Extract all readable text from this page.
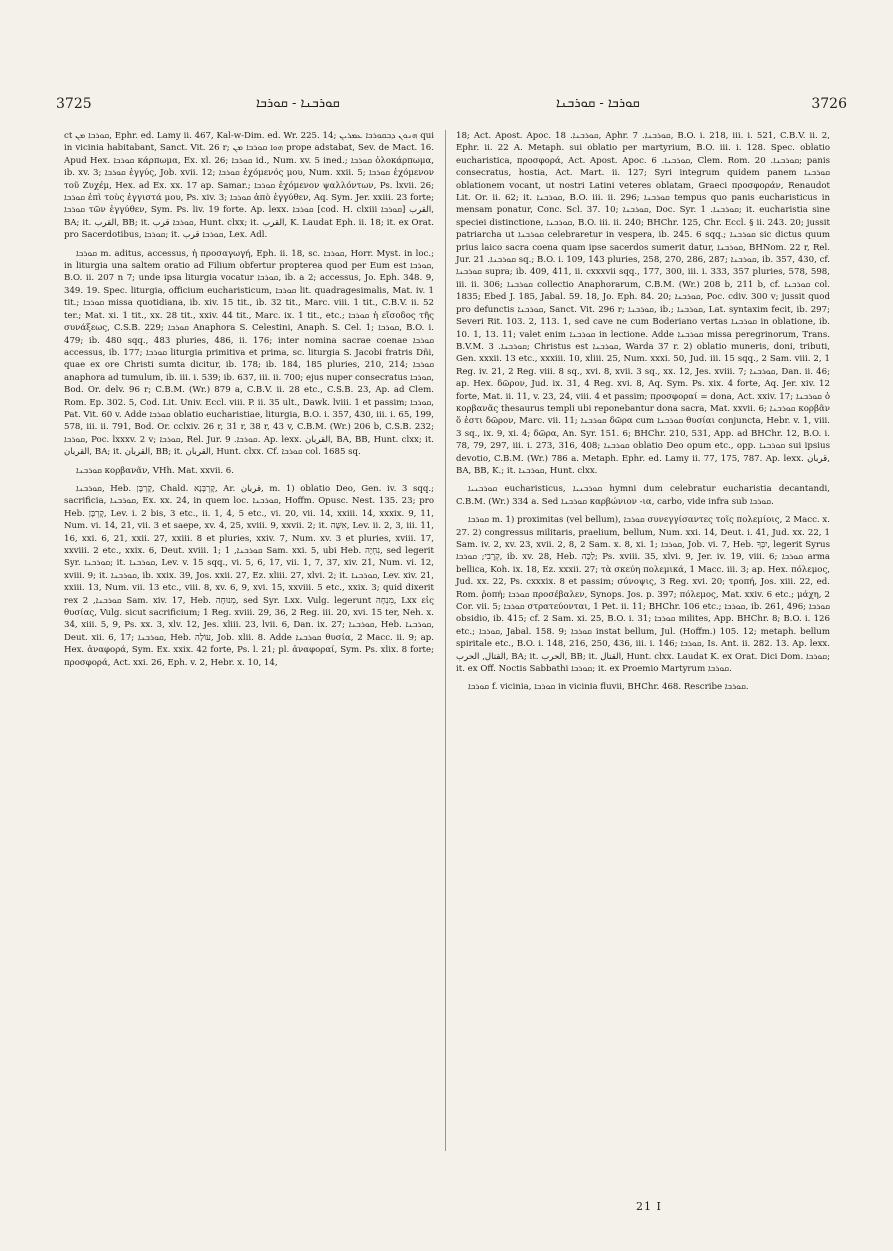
3725	ܩܘܪܒܢܐ - ܩܘܪܒܐ	ܩܘܪܒܐ - ܩܘܪܒܢܐ	3726

ct ܩܘܪܒܐ ܡܢ, Ephr. ed. Lamy ii. 467, Kal-w-Dim. ed. Wr. 225. 14; ܗܢܘܢ ܕܒܩܘܪܒܐ ܥܡܪܝܢ qui in vicinia habitabant, Sanct. Vit. 26 r; ܗܘܐ ܩܘܪܒܐ ܡܢ prope adstabat, Sev. de Mact. 16. Apud Hex. ܩܘܪܒܐ κάρπωμα, Ex. xl. 26; ܩܘܪܒܐ id., Num. xv. 5 ined.; ܩܘܪܒܐ ὁλοκάρπωμα, ib. xv. 3; ܩܘܪܒܐ ἐγγύς, Job. xvii. 12; ܩܘܪܒܐ ἐχόμενός μου, Num. xxii. 5; ܩܘܪܒܐ ἐχόμενον τοῦ Ζυχέμ, Hex. ad Ex. xx. 17 ap. Samar.; ܩܘܪܒܐ ἐχόμενον ψαλλόντων, Ps. lxvii. 26; ܩܘܪܒܐ ἐπὶ τοὺς ἐγγιστά μου, Ps. xiv. 3; ܩܘܪܒܐ ἀπὸ ἐγγύθεν, Aq. Sym. Jer. xxiii. 23 forte; ܩܘܪܒܐ τῶν ἐγγύθεν, Sym. Ps. liv. 19 forte. Ap. lexx. ܩܘܪܒܐ [cod. H. clxiii ܩܘܪܒܐ] القرب, BA; it. القرب, BB; it. ܩܘܪܒܐ قرب, Hunt. clxx; it. القرب, K. Laudat Eph. ii. 18; it. ex Orat. pro Sacerdotibus, ܩܘܪܒܐ; it. ܩܘܪܒܐ قرب, Lex. Adl.

ܩܘܪܒܐ m. aditus, accessus, ἡ προσαγωγή, Eph. ii. 18, sc. ܩܘܪܒܐ, Horr. Myst. in loc.; in liturgia una saltem oratio ad Filium obfertur propterea quod per Eum est ܩܘܪܒܐ, B.O. ii. 207 n 7; unde ipsa liturgia vocatur ܩܘܪܒܐ, ib. a 2; accessus, Jo. Eph. 348. 9, 349. 19. Spec. liturgia, officium eucharisticum, ܩܘܪܒܐ lit. quadragesimalis, Mat. iv. 1 tit.; ܩܘܪܒܐ missa quotidiana, ib. xiv. 15 tit., ib. 32 tit., Marc. viii. 1 tit., C.B.V. ii. 52 ter.; Mat. xi. 1 tit., xx. 28 tit., xxiv. 44 tit., Marc. ix. 1 tit., etc.; ܩܘܪܒܐ ἡ εἴσοδος τῆς συνάξεως, C.S.B. 229; ܩܘܪܒܐ Anaphora S. Celestini, Anaph. S. Cel. 1; ܩܘܪܒܐ, B.O. i. 479; ib. 480 sqq., 483 pluries, 486, ii. 176; inter nomina sacrae coenae ܩܘܪܒܐ accessus, ib. 177; ܩܘܪܒܐ liturgia primitiva et prima, sc. liturgia S. Jacobi fratris Dñi, quae ex ore Christi sumta dicitur, ib. 178; ib. 184, 185 pluries, 210, 214; ܩܘܪܒܐ anaphora ad tumulum, ib. iii. i. 539; ib. 637, iii. ii. 700; ejus nuper consecratus ܩܘܪܒܐ, Bod. Or. delv. 96 r; C.B.M. (Wr.) 879 a, C.B.V. ii. 28 etc., C.S.B. 23, Ap. ad Clem. Rom. Ep. 302. 5, Cod. Lit. Univ. Eccl. viii. P. ii. 35 ult., Dawk. lviii. 1 et passim; ܩܘܪܒܐ, Pat. Vit. 60 v. Adde ܩܘܪܒܐ oblatio eucharistiae, liturgia, B.O. i. 357, 430, iii. i. 65, 199, 578, iii. ii. 791, Bod. Or. cclxiv. 26 r, 31 r, 38 r, 43 v, C.B.M. (Wr.) 206 b, C.S.B. 232; ܩܘܪܒܐ, Poc. lxxxv. 2 v; ܩܘܪܒܐ, Rel. Jur. ܩܘܪܒܐ. 9. Ap. lexx. القربان, BA, BB, Hunt. clxx; it. القربان, BA; it. القربان, BB; it. القربان, Hunt. clxx. Cf. ܩܘܪܒܐ col. 1685 sq.

ܩܘܪܒܢܐ κορβανᾶν, VHh. Mat. xxvii. 6.

ܩܘܪܒܢܐ, Heb. קָרְבָּן, Chald. קָרְבָּנָא, Ar. قربان, m. 1) oblatio Deo, Gen. iv. 3 sqq.; sacrificia, ܩܘܪܒܢܐ, Ex. xx. 24, in quem loc. ܩܘܪܒܢܐ, Hoffm. Opusc. Nest. 135. 23; pro Heb. קָרְבָּן, Lev. i. 2 bis, 3 etc., ii. 1, 4, 5 etc., vi. 20, vii. 14, xxiii. 14, xxxix. 9, 11, Num. vi. 14, 21, vii. 3 et saepe, xv. 4, 25, xviii. 9, xxvii. 2; it. אִשֶּׁה, Lev. ii. 2, 3, iii. 11, 16, xxi. 6, 21, xxii. 27, xxiii. 8 et pluries, xxiv. 7, Num. xv. 3 et pluries, xviii. 17, xxviii. 2 etc., xxix. 6, Deut. xviii. 1; ܩܘܪܒܢܐ, 1 Sam. xxi. 5, ubi Heb. נִחְיָה, sed legerit Syr. ܩܘܪܒܢܐ; it. ܩܘܪܒܢܐ, Lev. v. 15 sqq., vi. 5, 6, 17, vii. 1, 7, 37, xiv. 21, Num. vi. 12, xviii. 9; it. ܩܘܪܒܢܐ, ib. xxix. 39, Jos. xxii. 27, Ez. xliii. 27, xlvi. 2; it. ܩܘܪܒܢܐ, Lev. xiv. 21, xxiii. 13, Num. vii. 13 etc., viii. 8, xv. 6, 9, xvi. 15, xxviii. 5 etc., xxix. 3; quid dixerit rex ܩܘܪܒܢܐ, 2 Sam. xiv. 17, Heb. מְנוּחָה, sed Syr. Lxx. Vulg. legerunt מִנְחָה, Lxx εἰς θυσίας, Vulg. sicut sacrificium; 1 Reg. xviii. 29, 36, 2 Reg. iii. 20, xvi. 15 ter, Neh. x. 34, xiii. 5, 9, Ps. xx. 3, xlv. 12, Jes. xliii. 23, lvii. 6, Dan. ix. 27; ܩܘܪܒܢܐ, Heb. ܩܘܪܒܢܐ, Deut. xii. 6, 17; ܩܘܪܒܢܐ, Heb. עוֹלָה, Job. xlii. 8. Adde ܩܘܪܒܢܐ θυσία, 2 Macc. ii. 9; ap. Hex. ἀναφορά, Sym. Ex. xxix. 42 forte, Ps. l. 21; pl. ἀναφοραί, Sym. Ps. xlix. 8 forte; προσφορά, Act. xxi. 26, Eph. v. 2, Hebr. x. 10, 14,

18; Act. Apost. Apoc. ܩܘܪܒܢܐ. 18, Aphr. ܩܘܪܒܢܐ. 7, B.O. i. 218, iii. i. 521, C.B.V. ii. 2, Ephr. ii. 22 A. Metaph. sui oblatio per martyrium, B.O. iii. i. 128. Spec. oblatio eucharistica, προσφορά, Act. Apost. Apoc. ܩܘܪܒܢܐ. 6, Clem. Rom. ܩܘܪܒܢܐ. 20; panis consecratus, hostia, Act. Mart. ii. 127; Syri integrum quidem panem ܩܘܪܒܢܐ oblationem vocant, ut nostri Latini veteres oblatam, Graeci προσφοράν, Renaudot Lit. Or. ii. 62; it. ܩܘܪܒܢܐ, B.O. iii. ii. 296; ܩܘܪܒܢܐ tempus quo panis eucharisticus in mensam ponatur, Conc. Scl. 37. 10; ܩܘܪܒܢܐ, Doc. Syr. ܩܘܪܒܢܐ. 1; it. eucharistia sine speciei distinctione, ܩܘܪܒܢܐ, B.O. iii. ii. 240; BHChr. 125, Chr. Eccl. § ii. 243. 20; jussit patriarcha ut ܩܘܪܒܢܐ celebraretur in vespera, ib. 245. 6 sqq.; ܩܘܪܒܢܐ sic dictus quum prius laico sacra coena quam ipse sacerdos sumerit datur, ܩܘܪܒܢܐ, BHNom. 22 r, Rel. Jur. ܩܘܪܒܢܐ. 21 sq.; B.O. i. 109, 143 pluries, 258, 270, 286, 287; ܩܘܪܒܢܐ, ib. 357, 430, cf. ܩܘܪܒܢܐ supra; ib. 409, 411, ii. cxxxvii sqq., 177, 300, iii. i. 333, 357 pluries, 578, 598, iii. ii. 306; ܩܘܪܒܢܐ collectio Anaphorarum, C.B.M. (Wr.) 208 b, 211 b, cf. ܩܘܪܒܢܐ col. 1835; Ebed J. 185, Jabal. 59. 18, Jo. Eph. 84. 20; ܩܘܪܒܢܐ, Poc. cdiv. 300 v; jussit quod pro defunctis ܩܘܪܒܢܐ, Sanct. Vit. 296 r; ܩܘܪܒܢܐ, ib.; ܩܘܪܒܢܐ, Lat. syntaxim fecit, ib. 297; Severi Rit. 103. 2, 113. 1, sed cave ne cum Boderiano vertas ܩܘܪܒܢܐ in oblatione, ib. 10. 1, 13. 11; valet enim ܩܘܪܒܢܐ in lectione. Adde ܩܘܪܒܢܐ missa peregrinorum, Trans. B.V.M. ܩܘܪܒܢܐ. 3; Christus est ܩܘܪܒܢܐ, Warda 37 r. 2) oblatio muneris, doni, tributi, Gen. xxxii. 13 etc., xxxiii. 10, xliii. 25, Num. xxxi. 50, Jud. iii. 15 sqq., 2 Sam. viii. 2, 1 Reg. iv. 21, 2 Reg. viii. 8 sq., xvi. 8, xvii. 3 sq., xx. 12, Jes. xviii. 7; ܩܘܪܒܢܐ, Dan. ii. 46; ap. Hex. δῶρον, Jud. ix. 31, 4 Reg. xvi. 8, Aq. Sym. Ps. xix. 4 forte, Aq. Jer. xiv. 12 forte, Mat. ii. 11, v. 23, 24, viii. 4 et passim; προσφοραί = dona, Act. xxiv. 17; ܩܘܪܒܢܐ ὁ κορβανᾶς thesaurus templi ubi reponebantur dona sacra, Mat. xxvii. 6; ܩܘܪܒܢܐ κορβᾶν ὅ ἐστι δῶρον, Marc. vii. 11; ܩܘܪܒܢܐ δῶρα cum ܩܘܪܒܢܐ θυσίαι conjuncta, Hebr. v. 1, viii. 3 sq., ix. 9, xi. 4; δῶρα, An. Syr. 151. 6; BHChr. 210, 531, App. ad BHChr. 12, B.O. i. 78, 79, 297, iii. i. 273, 316, 408; ܩܘܪܒܢܐ oblatio Deo opum etc., opp. ܩܘܪܒܢܐ sui ipsius devotio, C.B.M. (Wr.) 786 a. Metaph. Ephr. ed. Lamy ii. 77, 175, 787. Ap. lexx. قربان, BA, BB, K.; it. ܩܘܪܒܢܐ, Hunt. clxx.

ܩܘܪܒܢܝܐ eucharisticus, ܩܘܪܒܢܝܐ hymni dum celebratur eucharistia decantandi, C.B.M. (Wr.) 334 a. Sed ܩܘܪܒܢܐ καρβώνιον -ια, carbo, vide infra sub ܩܘܪܒܐ.

ܩܘܪܒܐ m. 1) proximitas (vel bellum), ܩܘܪܒܐ συνεγγίσαντες τοῖς πολεμίοις, 2 Macc. x. 27. 2) congressus militaris, praelium, bellum, Num. xxi. 14, Deut. i. 41, Jud. xx. 22, 1 Sam. iv. 2, xv. 23, xvii. 2, 8, 2 Sam. x. 8, xi. 1; ܩܘܪܒܐ, Job. vi. 7, Heb. יִבְּךָ, legerit Syrus קְרָבִי; ܩܘܪܒܐ, ib. xv. 28, Heb. לַכָּה; Ps. xviii. 35, xlvi. 9, Jer. iv. 19, viii. 6; ܩܘܪܒܐ arma bellica, Koh. ix. 18, Ez. xxxii. 27; τὰ σκεύη πολεμικά, 1 Macc. iii. 3; ap. Hex. πόλεμος, Jud. xx. 22, Ps. cxxxix. 8 et passim; σύνοψις, 3 Reg. xvi. 20; τροπή, Jos. xiii. 22, ed. Rom. ῥοπή; ܩܘܪܒܐ προσέβαλεν, Synops. Jos. p. 397; πόλεμος, Mat. xxiv. 6 etc.; μάχη, 2 Cor. vii. 5; ܩܘܪܒܐ στρατεύονται, 1 Pet. ii. 11; BHChr. 106 etc.; ܩܘܪܒܐ, ib. 261, 496; ܩܘܪܒܐ obsidio, ib. 415; cf. 2 Sam. xi. 25, B.O. i. 31; ܩܘܪܒܐ milites, App. BHChr. 8; B.O. i. 126 etc.; ܩܘܪܒܐ, Jabal. 158. 9; ܩܘܪܒܐ instat bellum, Jul. (Hoffm.) 105. 12; metaph. bellum spiritale etc., B.O. i. 148, 216, 250, 436, iii. i. 146; ܩܘܪܒܐ, Is. Ant. ii. 282. 13. Ap. lexx. القتال, الحرب, BA; it. الحرب, BB; it. القتال, Hunt. clxx. Laudat K. ex Orat. Dici Dom. ܩܘܪܒܐ; it. ex Off. Noctis Sabbathi ܩܘܪܒܐ; it. ex Proemio Martyrum ܩܘܪܒܐ.

ܩܘܪܒܐ f. vicinia, ܩܘܪܒܐ in vicinia fluvii, BHChr. 468. Rescribe ܩܘܪܒܐ.

21 I
